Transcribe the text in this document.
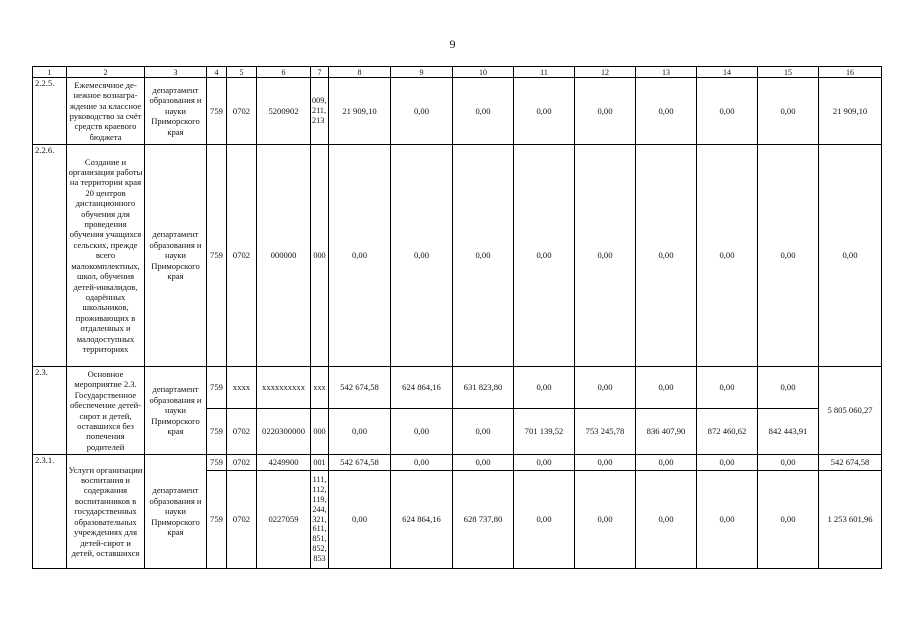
9
1	2	3	4	5	6	7	8	9	10	11	12	13	14	15	16
2.2.5.	Ежемесячное де-нежное вознагра-ждение за классное руководство за счёт средств краевого бюджета	департамент образования и науки Приморского края	759	0702	5200902	009, 211, 213	21 909,10	0,00	0,00	0,00	0,00	0,00	0,00	0,00	21 909,10
2.2.6.	Создание и организация работы на территории края 20 центров дистанционного обучения для проведения обучения учащихся сельских, прежде всего малокомплектных, школ, обучения детей-инвалидов, одарённых школьников, проживающих в отдаленных и малодоступных территориях	департамент образования и науки Приморского края	759	0702	000000	000	0,00	0,00	0,00	0,00	0,00	0,00	0,00	0,00	0,00
2.3.	Основное мероприятие 2.3. Государственное обеспечение детей-сирот и детей, оставшихся без попечения родителей	департамент образования и науки Приморского края	759	хххх	хххххххххх	ххх	542 674,58	624 864,16	631 823,80	0,00	0,00	0,00	0,00	0,00	5 805 060,27
			759	0702	0220300000	000	0,00	0,00	0,00	701 139,52	753 245,78	836 407,90	872 460,62	842 443,91	
2.3.1.	Услуги организации воспитания и содержания воспитанников в государственных образовательных учреждениях для детей-сирот и детей, оставшихся	департамент образования и науки Приморского края	759	0702	4249900	001	542 674,58	0,00	0,00	0,00	0,00	0,00	0,00	0,00	542 674,58
			759	0702	0227059	111, 112, 119, 244, 321, 611, 851, 852, 853	0,00	624 864,16	628 737,80	0,00	0,00	0,00	0,00	0,00	1 253 601,96
